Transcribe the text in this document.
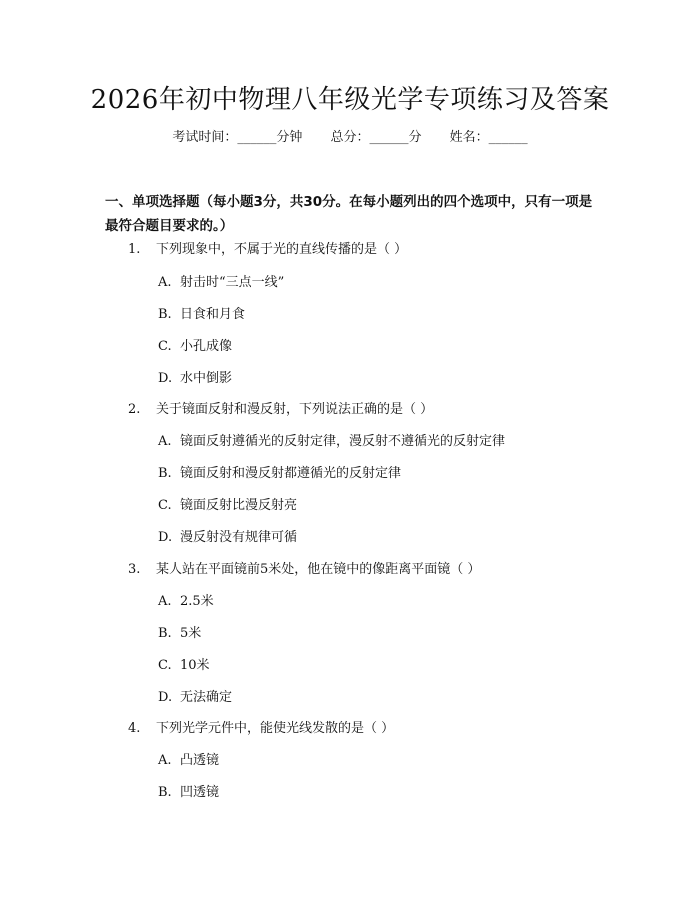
2026年初中物理八年级光学专项练习及答案
考试时间：______分钟 总分：______分 姓名：______
一、单项选择题（每小题3分，共30分。在每小题列出的四个选项中，只有一项是最符合题目要求的。）
1. 下列现象中，不属于光的直线传播的是（ ）
A. 射击时“三点一线”
B. 日食和月食
C. 小孔成像
D. 水中倒影
2. 关于镜面反射和漫反射，下列说法正确的是（ ）
A. 镜面反射遵循光的反射定律，漫反射不遵循光的反射定律
B. 镜面反射和漫反射都遵循光的反射定律
C. 镜面反射比漫反射亮
D. 漫反射没有规律可循
3. 某人站在平面镜前5米处，他在镜中的像距离平面镜（ ）
A. 2.5米
B. 5米
C. 10米
D. 无法确定
4. 下列光学元件中，能使光线发散的是（ ）
A. 凸透镜
B. 凹透镜
